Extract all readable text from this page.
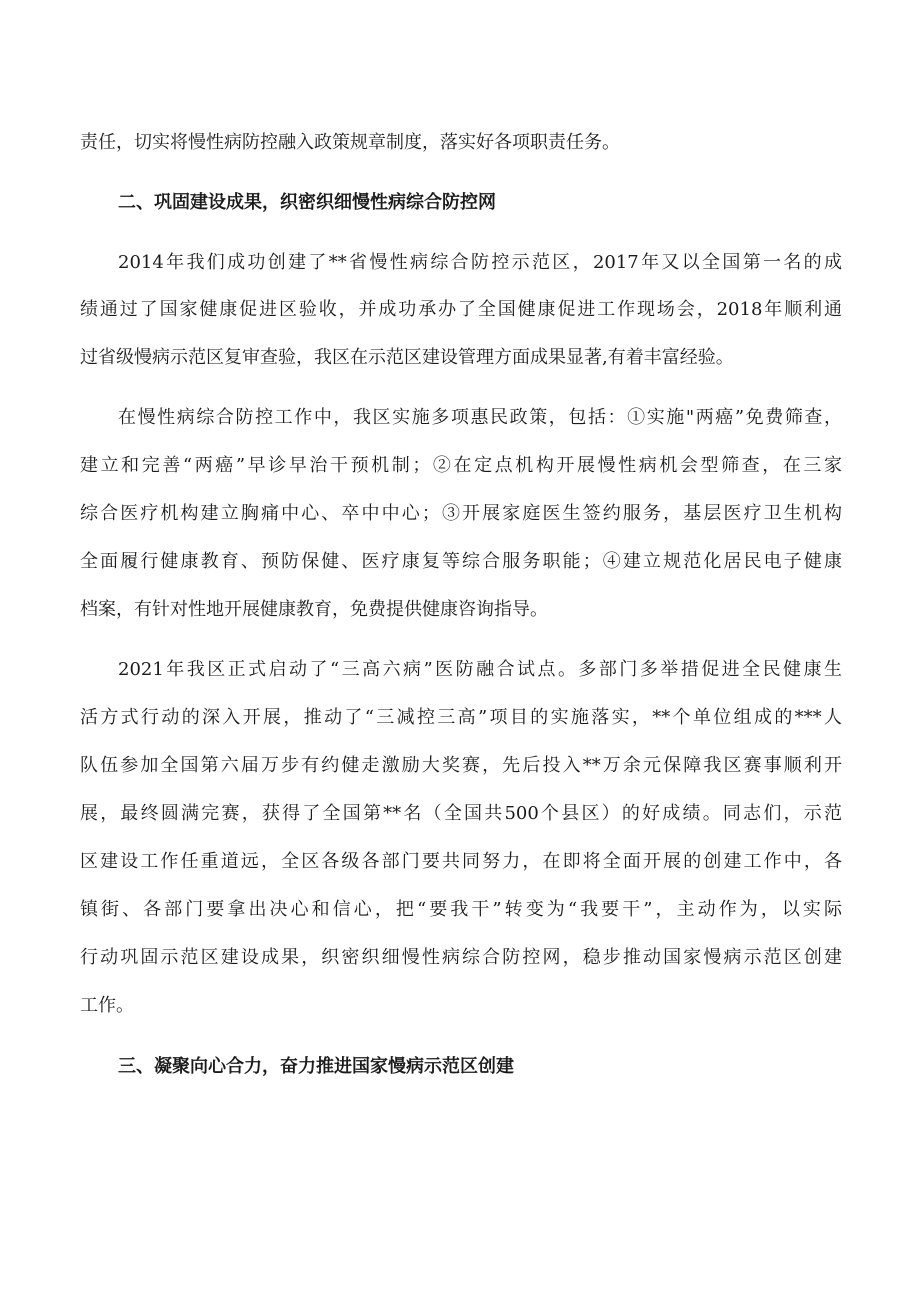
责任，切实将慢性病防控融入政策规章制度，落实好各项职责任务。
二、巩固建设成果，织密织细慢性病综合防控网
2014年我们成功创建了**省慢性病综合防控示范区，2017年又以全国第一名的成
绩通过了国家健康促进区验收，并成功承办了全国健康促进工作现场会，2018年顺利通
过省级慢病示范区复审查验，我区在示范区建设管理方面成果显著,有着丰富经验。
在慢性病综合防控工作中，我区实施多项惠民政策，包括：①实施"两癌”免费筛查，
建立和完善“两癌”早诊早治干预机制；②在定点机构开展慢性病机会型筛查，在三家
综合医疗机构建立胸痛中心、卒中中心；③开展家庭医生签约服务，基层医疗卫生机构
全面履行健康教育、预防保健、医疗康复等综合服务职能；④建立规范化居民电子健康
档案，有针对性地开展健康教育，免费提供健康咨询指导。
2021年我区正式启动了“三高六病”医防融合试点。多部门多举措促进全民健康生
活方式行动的深入开展，推动了“三减控三高”项目的实施落实，**个单位组成的***人
队伍参加全国第六届万步有约健走激励大奖赛，先后投入**万余元保障我区赛事顺利开
展，最终圆满完赛，获得了全国第**名（全国共500个县区）的好成绩。同志们，示范
区建设工作任重道远，全区各级各部门要共同努力，在即将全面开展的创建工作中，各
镇街、各部门要拿出决心和信心，把“要我干”转变为“我要干”，主动作为，以实际
行动巩固示范区建设成果，织密织细慢性病综合防控网，稳步推动国家慢病示范区创建
工作。
三、凝聚向心合力，奋力推进国家慢病示范区创建
